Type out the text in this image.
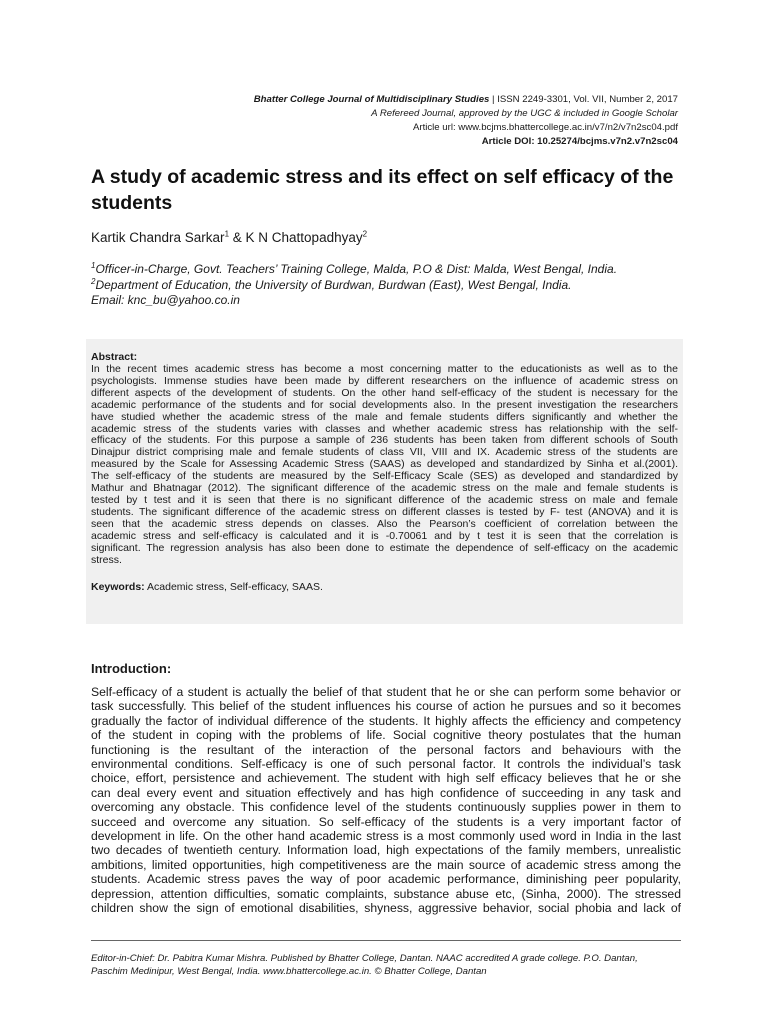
Bhatter College Journal of Multidisciplinary Studies | ISSN 2249-3301, Vol. VII, Number 2, 2017
A Refereed Journal, approved by the UGC & included in Google Scholar
Article url: www.bcjms.bhattercollege.ac.in/v7/n2/v7n2sc04.pdf
Article DOI: 10.25274/bcjms.v7n2.v7n2sc04
A study of academic stress and its effect on self efficacy of the students
Kartik Chandra Sarkar$^1$ & K N Chattopadhyay$^2$
$^1$Officer-in-Charge, Govt. Teachers’ Training College, Malda, P.O & Dist: Malda, West Bengal, India.
$^2$Department of Education, the University of Burdwan, Burdwan (East), West Bengal, India.
Email: knc_bu@yahoo.co.in
Abstract:
In the recent times academic stress has become a most concerning matter to the educationists as well as to the
psychologists. Immense studies have been made by different researchers on the influence of academic stress on
different aspects of the development of students. On the other hand self-efficacy of the student is necessary for the
academic performance of the students and for social developments also. In the present investigation the researchers
have studied whether the academic stress of the male and female students differs significantly and whether the
academic stress of the students varies with classes and whether academic stress has relationship with the self-
efficacy of the students. For this purpose a sample of 236 students has been taken from different schools of South
Dinajpur district comprising male and female students of class VII, VIII and IX. Academic stress of the students are
measured by the Scale for Assessing Academic Stress (SAAS) as developed and standardized by Sinha et al.(2001).
The self-efficacy of the students are measured by the Self-Efficacy Scale (SES) as developed and standardized by
Mathur and Bhatnagar (2012). The significant difference of the academic stress on the male and female students is
tested by t test and it is seen that there is no significant difference of the academic stress on male and female
students. The significant difference of the academic stress on different classes is tested by F- test (ANOVA) and it is
seen that the academic stress depends on classes. Also the Pearson’s coefficient of correlation between the
academic stress and self-efficacy is calculated and it is -0.70061 and by t test it is seen that the correlation is
significant. The regression analysis has also been done to estimate the dependence of self-efficacy on the academic
stress.
Keywords: Academic stress, Self-efficacy, SAAS.
Introduction:
Self-efficacy of a student is actually the belief of that student that he or she can perform some behavior or
task successfully. This belief of the student influences his course of action he pursues and so it becomes
gradually the factor of individual difference of the students. It highly affects the efficiency and competency
of the student in coping with the problems of life. Social cognitive theory postulates that the human
functioning is the resultant of the interaction of the personal factors and behaviours with the
environmental conditions. Self-efficacy is one of such personal factor. It controls the individual’s task
choice, effort, persistence and achievement. The student with high self efficacy believes that he or she
can deal every event and situation effectively and has high confidence of succeeding in any task and
overcoming any obstacle. This confidence level of the students continuously supplies power in them to
succeed and overcome any situation. So self-efficacy of the students is a very important factor of
development in life. On the other hand academic stress is a most commonly used word in India in the last
two decades of twentieth century. Information load, high expectations of the family members, unrealistic
ambitions, limited opportunities, high competitiveness are the main source of academic stress among the
students. Academic stress paves the way of poor academic performance, diminishing peer popularity,
depression, attention difficulties, somatic complaints, substance abuse etc, (Sinha, 2000). The stressed
children show the sign of emotional disabilities, shyness, aggressive behavior, social phobia and lack of
Editor-in-Chief: Dr. Pabitra Kumar Mishra. Published by Bhatter College, Dantan. NAAC accredited A grade college. P.O. Dantan,
Paschim Medinipur, West Bengal, India. www.bhattercollege.ac.in. © Bhatter College, Dantan
